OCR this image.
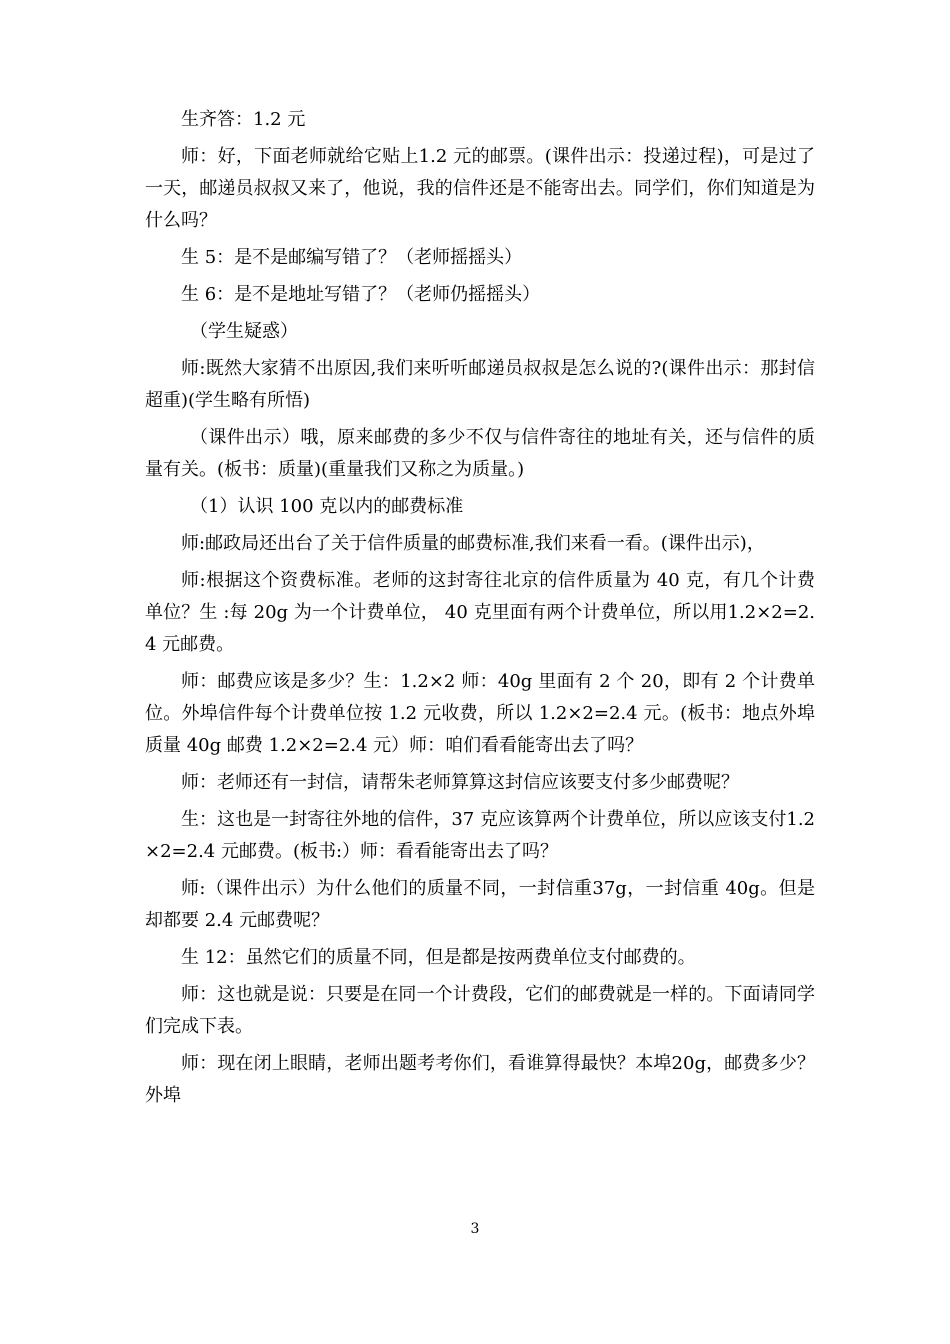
生齐答：1.2 元

师：好，下面老师就给它贴上1.2 元的邮票。(课件出示：投递过程)，可是过了一天，邮递员叔叔又来了，他说，我的信件还是不能寄出去。同学们，你们知道是为什么吗？

生 5：是不是邮编写错了？（老师摇摇头）

生 6：是不是地址写错了？（老师仍摇摇头）

（学生疑惑）

师:既然大家猜不出原因,我们来听听邮递员叔叔是怎么说的?(课件出示：那封信超重)(学生略有所悟)

（课件出示）哦，原来邮费的多少不仅与信件寄往的地址有关，还与信件的质量有关。(板书：质量)(重量我们又称之为质量。)

（1）认识 100 克以内的邮费标准

师:邮政局还出台了关于信件质量的邮费标准,我们来看一看。(课件出示)，

师:根据这个资费标准。老师的这封寄往北京的信件质量为 40 克，有几个计费单位？生 :每 20g 为一个计费单位， 40 克里面有两个计费单位，所以用1.2×2=2.4 元邮费。

师：邮费应该是多少？生：1.2×2 师：40g 里面有 2 个 20，即有 2 个计费单位。外埠信件每个计费单位按 1.2 元收费，所以 1.2×2=2.4 元。(板书：地点外埠质量 40g 邮费 1.2×2=2.4 元）师：咱们看看能寄出去了吗？

师：老师还有一封信，请帮朱老师算算这封信应该要支付多少邮费呢？

生：这也是一封寄往外地的信件，37 克应该算两个计费单位，所以应该支付1.2×2=2.4 元邮费。(板书:）师：看看能寄出去了吗？

师:（课件出示）为什么他们的质量不同，一封信重37g，一封信重 40g。但是却都要 2.4 元邮费呢？

生 12：虽然它们的质量不同，但是都是按两费单位支付邮费的。

师：这也就是说：只要是在同一个计费段，它们的邮费就是一样的。下面请同学们完成下表。

师：现在闭上眼睛，老师出题考考你们，看谁算得最快？本埠20g，邮费多少？外埠

3
